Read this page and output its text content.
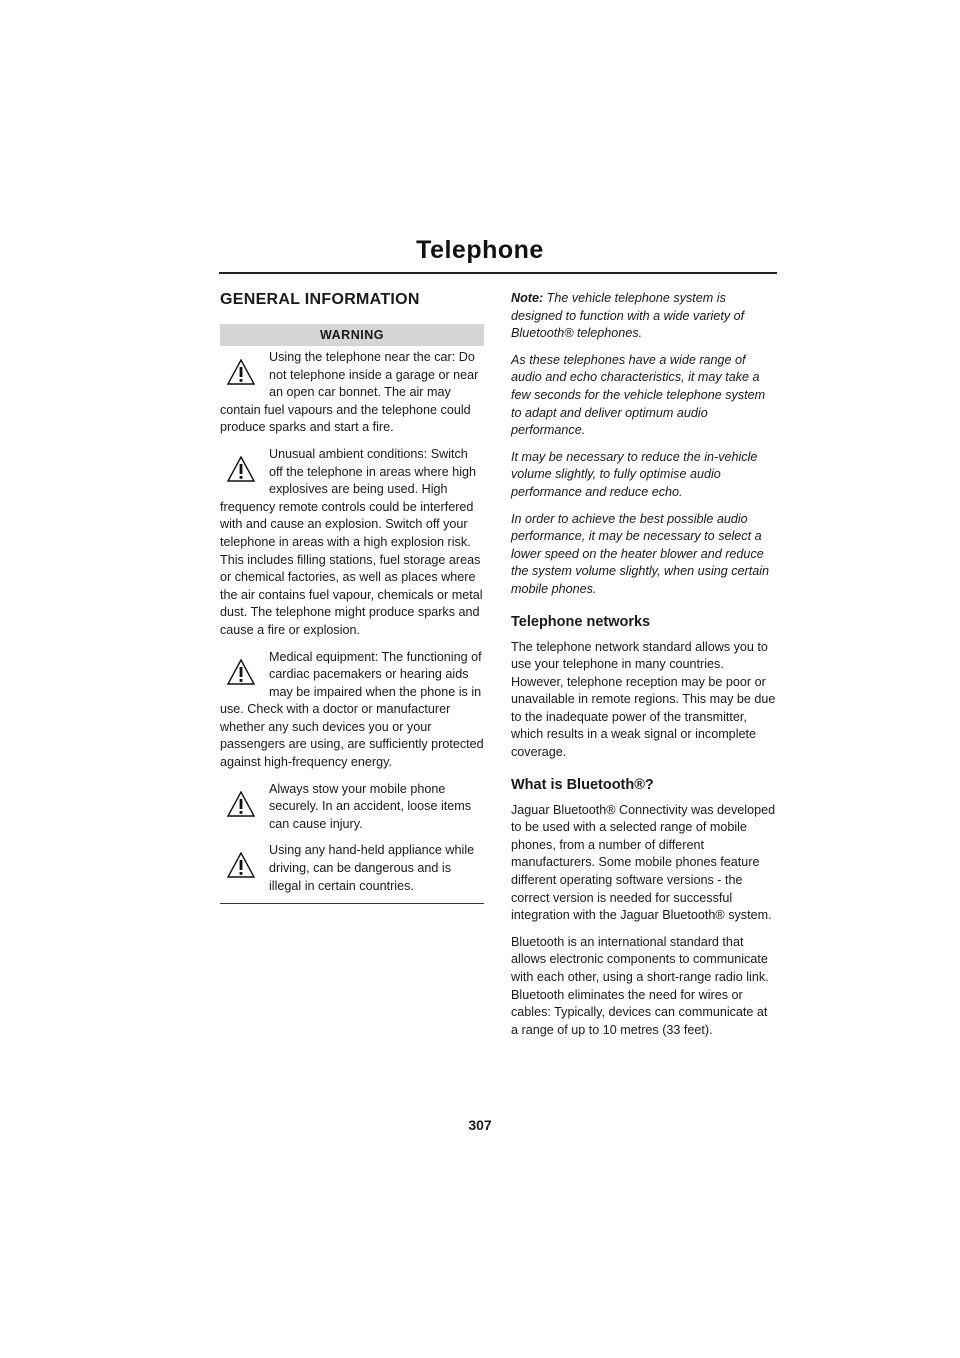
Telephone
GENERAL INFORMATION
WARNING
Using the telephone near the car: Do not telephone inside a garage or near an open car bonnet. The air may
contain fuel vapours and the telephone could produce sparks and start a fire.
Unusual ambient conditions: Switch off the telephone in areas where high explosives are being used. High
frequency remote controls could be interfered with and cause an explosion. Switch off your telephone in areas with a high explosion risk. This includes filling stations, fuel storage areas or chemical factories, as well as places where the air contains fuel vapour, chemicals or metal dust. The telephone might produce sparks and cause a fire or explosion.
Medical equipment: The functioning of cardiac pacemakers or hearing aids may be impaired when the phone is in
use. Check with a doctor or manufacturer whether any such devices you or your passengers are using, are sufficiently protected against high-frequency energy.
Always stow your mobile phone securely. In an accident, loose items can cause injury.
Using any hand-held appliance while driving, can be dangerous and is illegal in certain countries.

Note: The vehicle telephone system is designed to function with a wide variety of Bluetooth® telephones.

As these telephones have a wide range of audio and echo characteristics, it may take a few seconds for the vehicle telephone system to adapt and deliver optimum audio performance.

It may be necessary to reduce the in-vehicle volume slightly, to fully optimise audio performance and reduce echo.

In order to achieve the best possible audio performance, it may be necessary to select a lower speed on the heater blower and reduce the system volume slightly, when using certain mobile phones.

Telephone networks

The telephone network standard allows you to use your telephone in many countries. However, telephone reception may be poor or unavailable in remote regions. This may be due to the inadequate power of the transmitter, which results in a weak signal or incomplete coverage.

What is Bluetooth®?

Jaguar Bluetooth® Connectivity was developed to be used with a selected range of mobile phones, from a number of different manufacturers. Some mobile phones feature different operating software versions - the correct version is needed for successful integration with the Jaguar Bluetooth® system.

Bluetooth is an international standard that allows electronic components to communicate with each other, using a short-range radio link. Bluetooth eliminates the need for wires or cables: Typically, devices can communicate at a range of up to 10 metres (33 feet).

307
